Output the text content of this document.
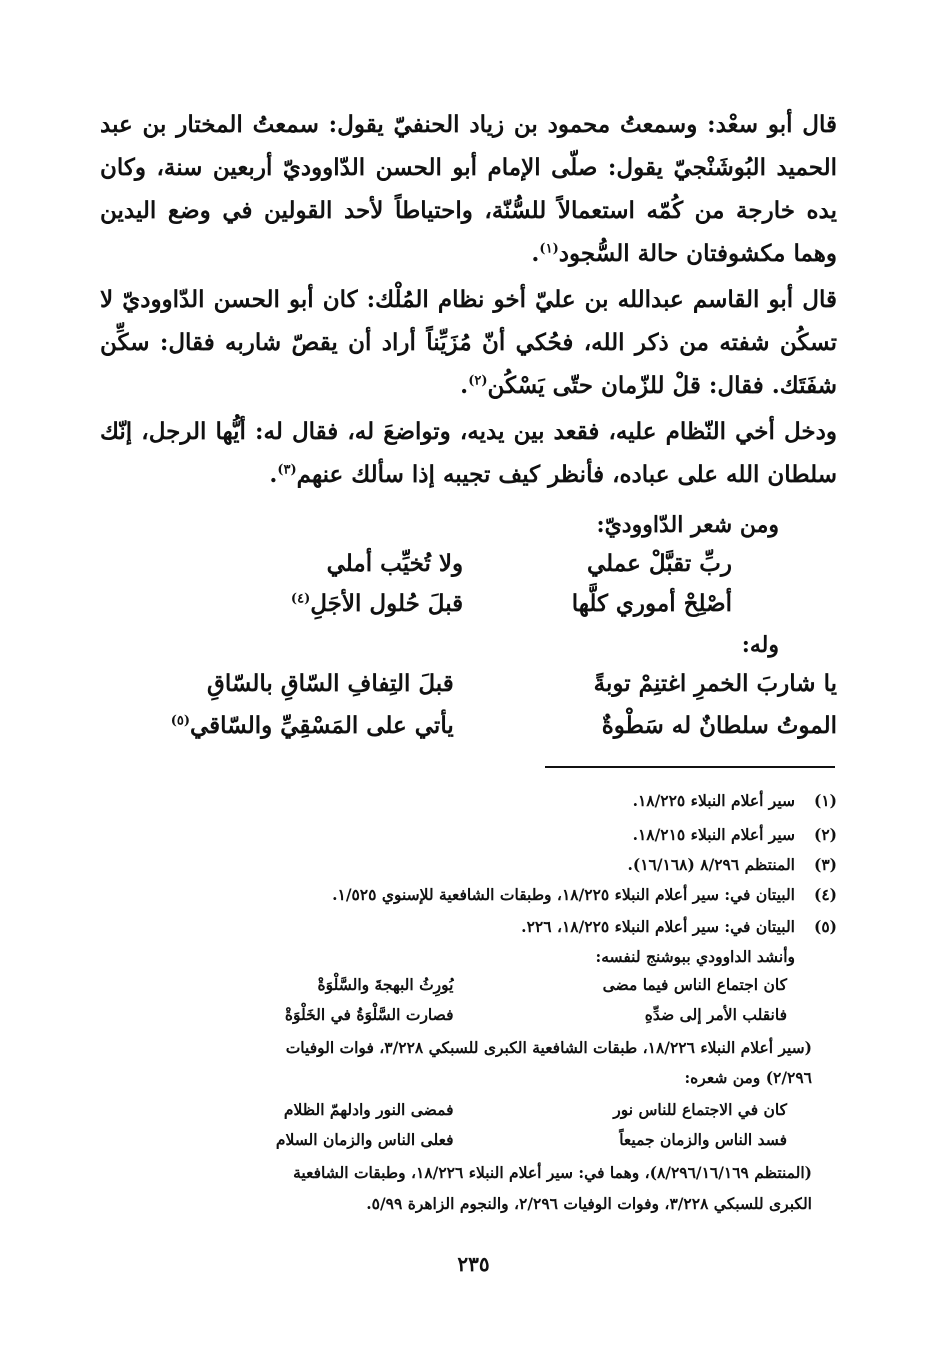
قال أبو سعْد: وسمعتُ محمود بن زياد الحنفيّ يقول: سمعتُ المختار بن عبد الحميد البُوشَنْجيّ يقول: صلّى الإمام أبو الحسن الدّاووديّ أربعين سنة، وكان يده خارجة من كُمّه استعمالاً للسُّنّة، واحتياطاً لأحد القولين في وضع اليدين وهما مكشوفتان حالة السُّجود$^{(١)}$.

قال أبو القاسم عبدالله بن عليّ أخو نظام المُلْك: كان أبو الحسن الدّاووديّ لا تسكُن شفته من ذكر الله، فحُكي أنّ مُزَيِّناً أراد أن يقصّ شاربه فقال: سكِّن شفَتَك. فقال: قلْ للزّمان حتّى يَسْكُن$^{(٢)}$.

ودخل أخي النّظام عليه، فقعد بين يديه، وتواضعَ له، فقال له: أيُّها الرجل، إنّك سلطان الله على عباده، فأنظر كيف تجيبه إذا سألك عنهم$^{(٣)}$.

ومن شعر الدّاووديّ:
ربِّ تقبَّلْ عملي
ولا تُخيِّب أملي
أصْلِحْ أموري كلَّها
قبلَ حُلول الأجَلِ$^{(٤)}$
وله:
يا شاربَ الخمرِ اغتنِمْ توبةً
قبلَ التِفافِ السّاقِ بالسّاقِ
الموتُ سلطانٌ له سَطْوةٌ
يأتي على المَسْقِيِّ والسّاقي$^{(٥)}$
(١)سير أعلام النبلاء ١٨/٢٢٥.
(٢)سير أعلام النبلاء ١٨/٢١٥.
(٣)المنتظم ٨/٢٩٦ (١٦/١٦٨).
(٤)البيتان في: سير أعلام النبلاء ١٨/٢٢٥، وطبقات الشافعية للإسنوي ١/٥٢٥.
(٥)البيتان في: سير أعلام النبلاء ١٨/٢٢٥، ٢٢٦.
وأنشد الداوودي ببوشنج لنفسه:
كان اجتماع الناس فيما مضى
يُورِثُ البهجةَ والسَّلْوَةْ
فانقلب الأمر إلى ضدِّهِ
فصارت السَّلْوَةُ في الخَلْوَةْ
(سير أعلام النبلاء ١٨/٢٢٦، طبقات الشافعية الكبرى للسبكي ٣/٢٢٨، فوات الوفيات
٢/٢٩٦) ومن شعره:
كان في الاجتماع للناس نور
فمضى النور وادلهمّ الظلام
فسد الناس والزمان جميعاً
فعلى الناس والزمان السلام
(المنتظم ٨/٢٩٦/١٦/١٦٩)، وهما في: سير أعلام النبلاء ١٨/٢٢٦، وطبقات الشافعية
الكبرى للسبكي ٣/٢٢٨، وفوات الوفيات ٢/٢٩٦، والنجوم الزاهرة ٥/٩٩.
٢٣٥
